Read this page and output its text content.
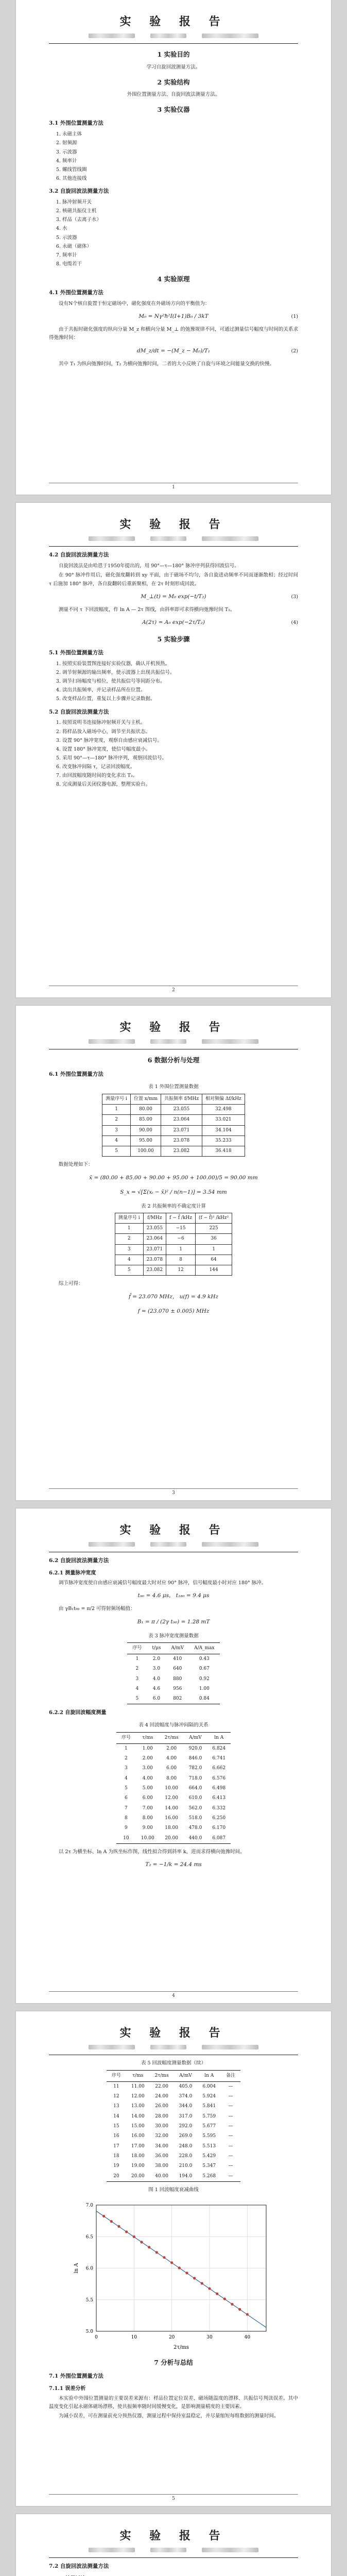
实 验 报 告
1 实验目的

学习自旋回波测量方法。

2 实验结构

外围位置测量方法、自旋回波法测量方法。

3 实验仪器
3.1 外围位置测量方法
1. 永磁主体
2. 射频源
3. 示波器
4. 频率计
5. 螺线管线圈
6. 其他连接线
3.2 自旋回波法测量方法
1. 脉冲射频开关
2. 核磁共振仪主机
3. 样品（去离子水）
4. 水
5. 示波器
6. 永磁（磁体）
7. 频率计
8. 电缆若干
4 实验原理
4.1 外围位置测量方法

设有N个核自旋置于恒定磁场中，磁化强度在外磁场方向的平衡值为：

M₀ = Nγ²ħ²I(I+1)B₀ / 3kT	(1)

由于共振时磁化强度的纵向分量 M_z 和横向分量 M_⊥ 的弛豫规律不同，可通过测量信号幅度与时间的关系求得弛豫时间：

dM_z/dt = −(M_z − M₀)/T₁	(2)

其中 T₁ 为纵向弛豫时间，T₂ 为横向弛豫时间，二者的大小反映了自旋与环境之间能量交换的快慢。

1
实 验 报 告
4.2 自旋回波法测量方法

自旋回波法是由哈恩于1950年提出的，用 90°—τ—180° 脉冲序列获得回波信号。

在 90° 脉冲作用后，磁化强度翻转到 xy 平面，由于磁场不均匀，各自旋进动频率不同而逐渐散相；经过时间 τ 后施加 180° 脉冲，各自旋翻转后重新聚相，在 2τ 时刻形成回波。

M_⊥(t) = M₀ exp(−t/T₂)	(3)

测量不同 τ 下回波幅度，作 ln A — 2τ 图线，由斜率即可求得横向弛豫时间 T₂。

A(2τ) = A₀ exp(−2τ/T₂)	(4)
5 实验步骤
5.1 外围位置测量方法
1. 按照实验装置图连接好实验仪器，确认开机预热。
2. 调节射频源的输出频率，使示波器上出现共振信号。
3. 调节扫场幅度与相位，使共振信号等间距分布。
4. 读出共振频率，并记录样品所在位置。
5. 改变样品位置，重复以上步骤并记录数据。
5.2 自旋回波法测量方法
1. 按照说明书连接脉冲射频开关与主机。
2. 将样品放入磁场中心，调节至共振状态。
3. 设置 90° 脉冲宽度，观察自由感应衰减信号。
4. 设置 180° 脉冲宽度，使信号幅度最小。
5. 采用 90°—τ—180° 脉冲序列，观察回波信号。
6. 改变脉冲间隔 τ，记录回波幅度。
7. 由回波幅度随时间的变化求出 T₂。
8. 完成测量后关闭仪器电源，整理实验台。
2
实 验 报 告
6 数据分析与处理
6.1 外围位置测量方法
表 1 外围位置测量数据
测量序号 i	位置 x/mm	共振频率 f/MHz	相对频偏 Δf/kHz
1	80.00	23.055	32.498
2	85.00	23.064	33.021
3	90.00	23.071	34.104
4	95.00	23.078	35.233
5	100.00	23.082	36.418

数据处理如下：

x̄ = (80.00 + 85.00 + 90.00 + 95.00 + 100.00)/5 = 90.00 mm
S_x = √[Σ(xᵢ − x̄)² / n(n−1)] = 3.54 mm
表 2 共振频率的不确定度计算
测量序号 i	f/MHz	f − f̄ /kHz	(f − f̄)² /kHz²
1	23.055	−15	225
2	23.064	−6	36
3	23.071	1	1
4	23.078	8	64
5	23.082	12	144

综上可得：

f̄ = 23.070 MHz， u(f) = 4.9 kHz
f = (23.070 ± 0.005) MHz
3
实 验 报 告
6.2 自旋回波法测量方法
6.2.1 测量脉冲宽度

调节脉冲宽度使自由感应衰减信号幅度最大时对应 90° 脉冲，信号幅度最小时对应 180° 脉冲。

t₉₀ = 4.6 μs， t₁₈₀ = 9.4 μs

由 γB₁t₉₀ = π/2 可得射频场幅值：

B₁ = π / (2γ t₉₀) = 1.28 mT
表 3 脉冲宽度测量数据
序号	t/μs	A/mV	A/A_max
1	2.0	410	0.43
2	3.0	640	0.67
3	4.0	880	0.92
4	4.6	956	1.00
5	6.0	802	0.84
6.2.2 自旋回波幅度测量
表 4 回波幅度与脉冲间隔的关系
序号	τ/ms	2τ/ms	A/mV	ln A
1	1.00	2.00	920.0	6.824
2	2.00	4.00	846.0	6.741
3	3.00	6.00	782.0	6.662
4	4.00	8.00	718.0	6.576
5	5.00	10.00	664.0	6.498
6	6.00	12.00	610.0	6.413
7	7.00	14.00	562.0	6.332
8	8.00	16.00	518.0	6.250
9	9.00	18.00	478.0	6.170
10	10.00	20.00	440.0	6.087

以 2τ 为横坐标、ln A 为纵坐标作图，线性拟合得到斜率 k，进而求得横向弛豫时间。

T₂ = −1/k = 24.4 ms
4
实 验 报 告
表 5 回波幅度测量数据（续）
序号	τ/ms	2τ/ms	A/mV	ln A	备注
11	11.00	22.00	405.0	6.004	—
12	12.00	24.00	374.0	5.924	—
13	13.00	26.00	344.0	5.841	—
14	14.00	28.00	317.0	5.759	—
15	15.00	30.00	292.0	5.677	—
16	16.00	32.00	269.0	5.595	—
17	17.00	34.00	248.0	5.513	—
18	18.00	36.00	228.0	5.429	—
19	19.00	38.00	210.0	5.347	—
20	20.00	40.00	194.0	5.268	—
图 1 回波幅度衰减曲线
5.0
5.5
6.0
6.5
7.0
0	10	20	30	40
2τ/ms
ln A
7 分析与总结
7.1 外围位置测量方法
7.1.1 误差分析

本实验中外围位置测量的主要误差来源有：样品位置定位误差、磁场随温度的漂移、共振信号判读误差。其中温度变化引起永磁体磁场漂移，使共振频率随时间缓慢变化，是影响测量精度的主要因素。

为减小误差，可在测量前充分预热仪器，测量过程中保持室温稳定，并尽量缩短每组数据的测量时间。

5
实 验 报 告
7.2 自旋回波法测量方法
